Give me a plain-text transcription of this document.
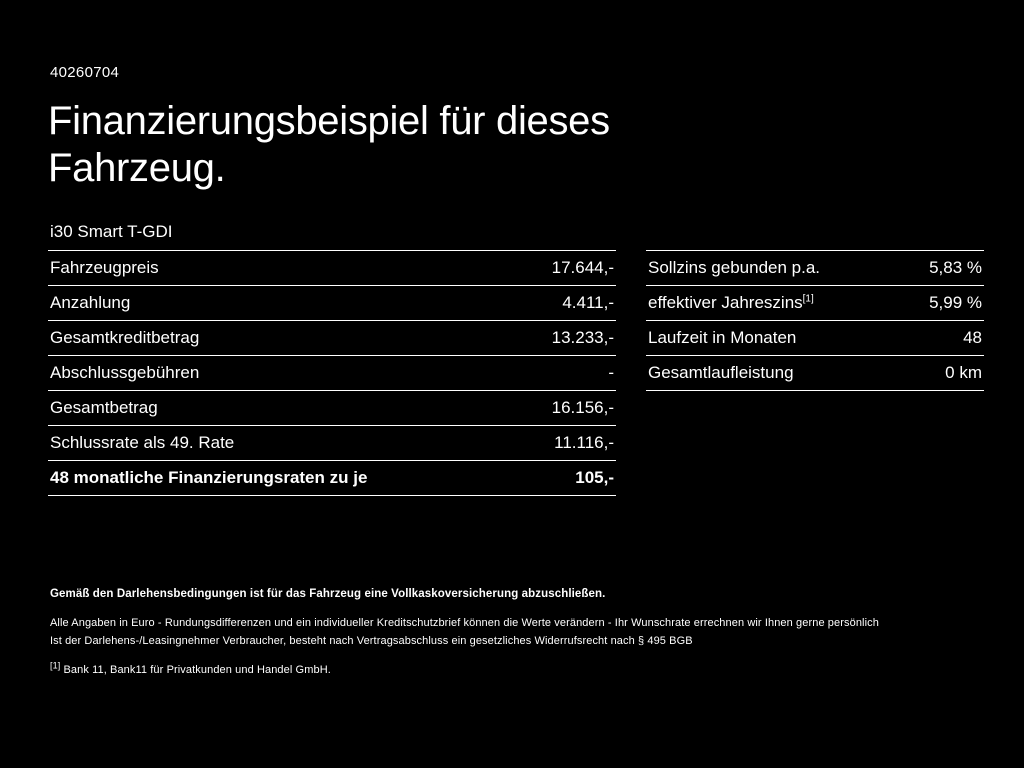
40260704
Finanzierungsbeispiel für dieses Fahrzeug.
i30 Smart T-GDI
Fahrzeugpreis	17.644,-
Anzahlung	4.411,-
Gesamtkreditbetrag	13.233,-
Abschlussgebühren	-
Gesamtbetrag	16.156,-
Schlussrate als 49. Rate	11.116,-
48 monatliche Finanzierungsraten zu je	105,-
Sollzins gebunden p.a.	5,83 %
effektiver Jahreszins[1]	5,99 %
Laufzeit in Monaten	48
Gesamtlaufleistung	0 km
Gemäß den Darlehensbedingungen ist für das Fahrzeug eine Vollkaskoversicherung abzuschließen.
Alle Angaben in Euro - Rundungsdifferenzen und ein individueller Kreditschutzbrief können die Werte verändern - Ihr Wunschrate errechnen wir Ihnen gerne persönlich
Ist der Darlehens-/Leasingnehmer Verbraucher, besteht nach Vertragsabschluss ein gesetzliches Widerrufsrecht nach § 495 BGB
[1] Bank 11, Bank11 für Privatkunden und Handel GmbH.
